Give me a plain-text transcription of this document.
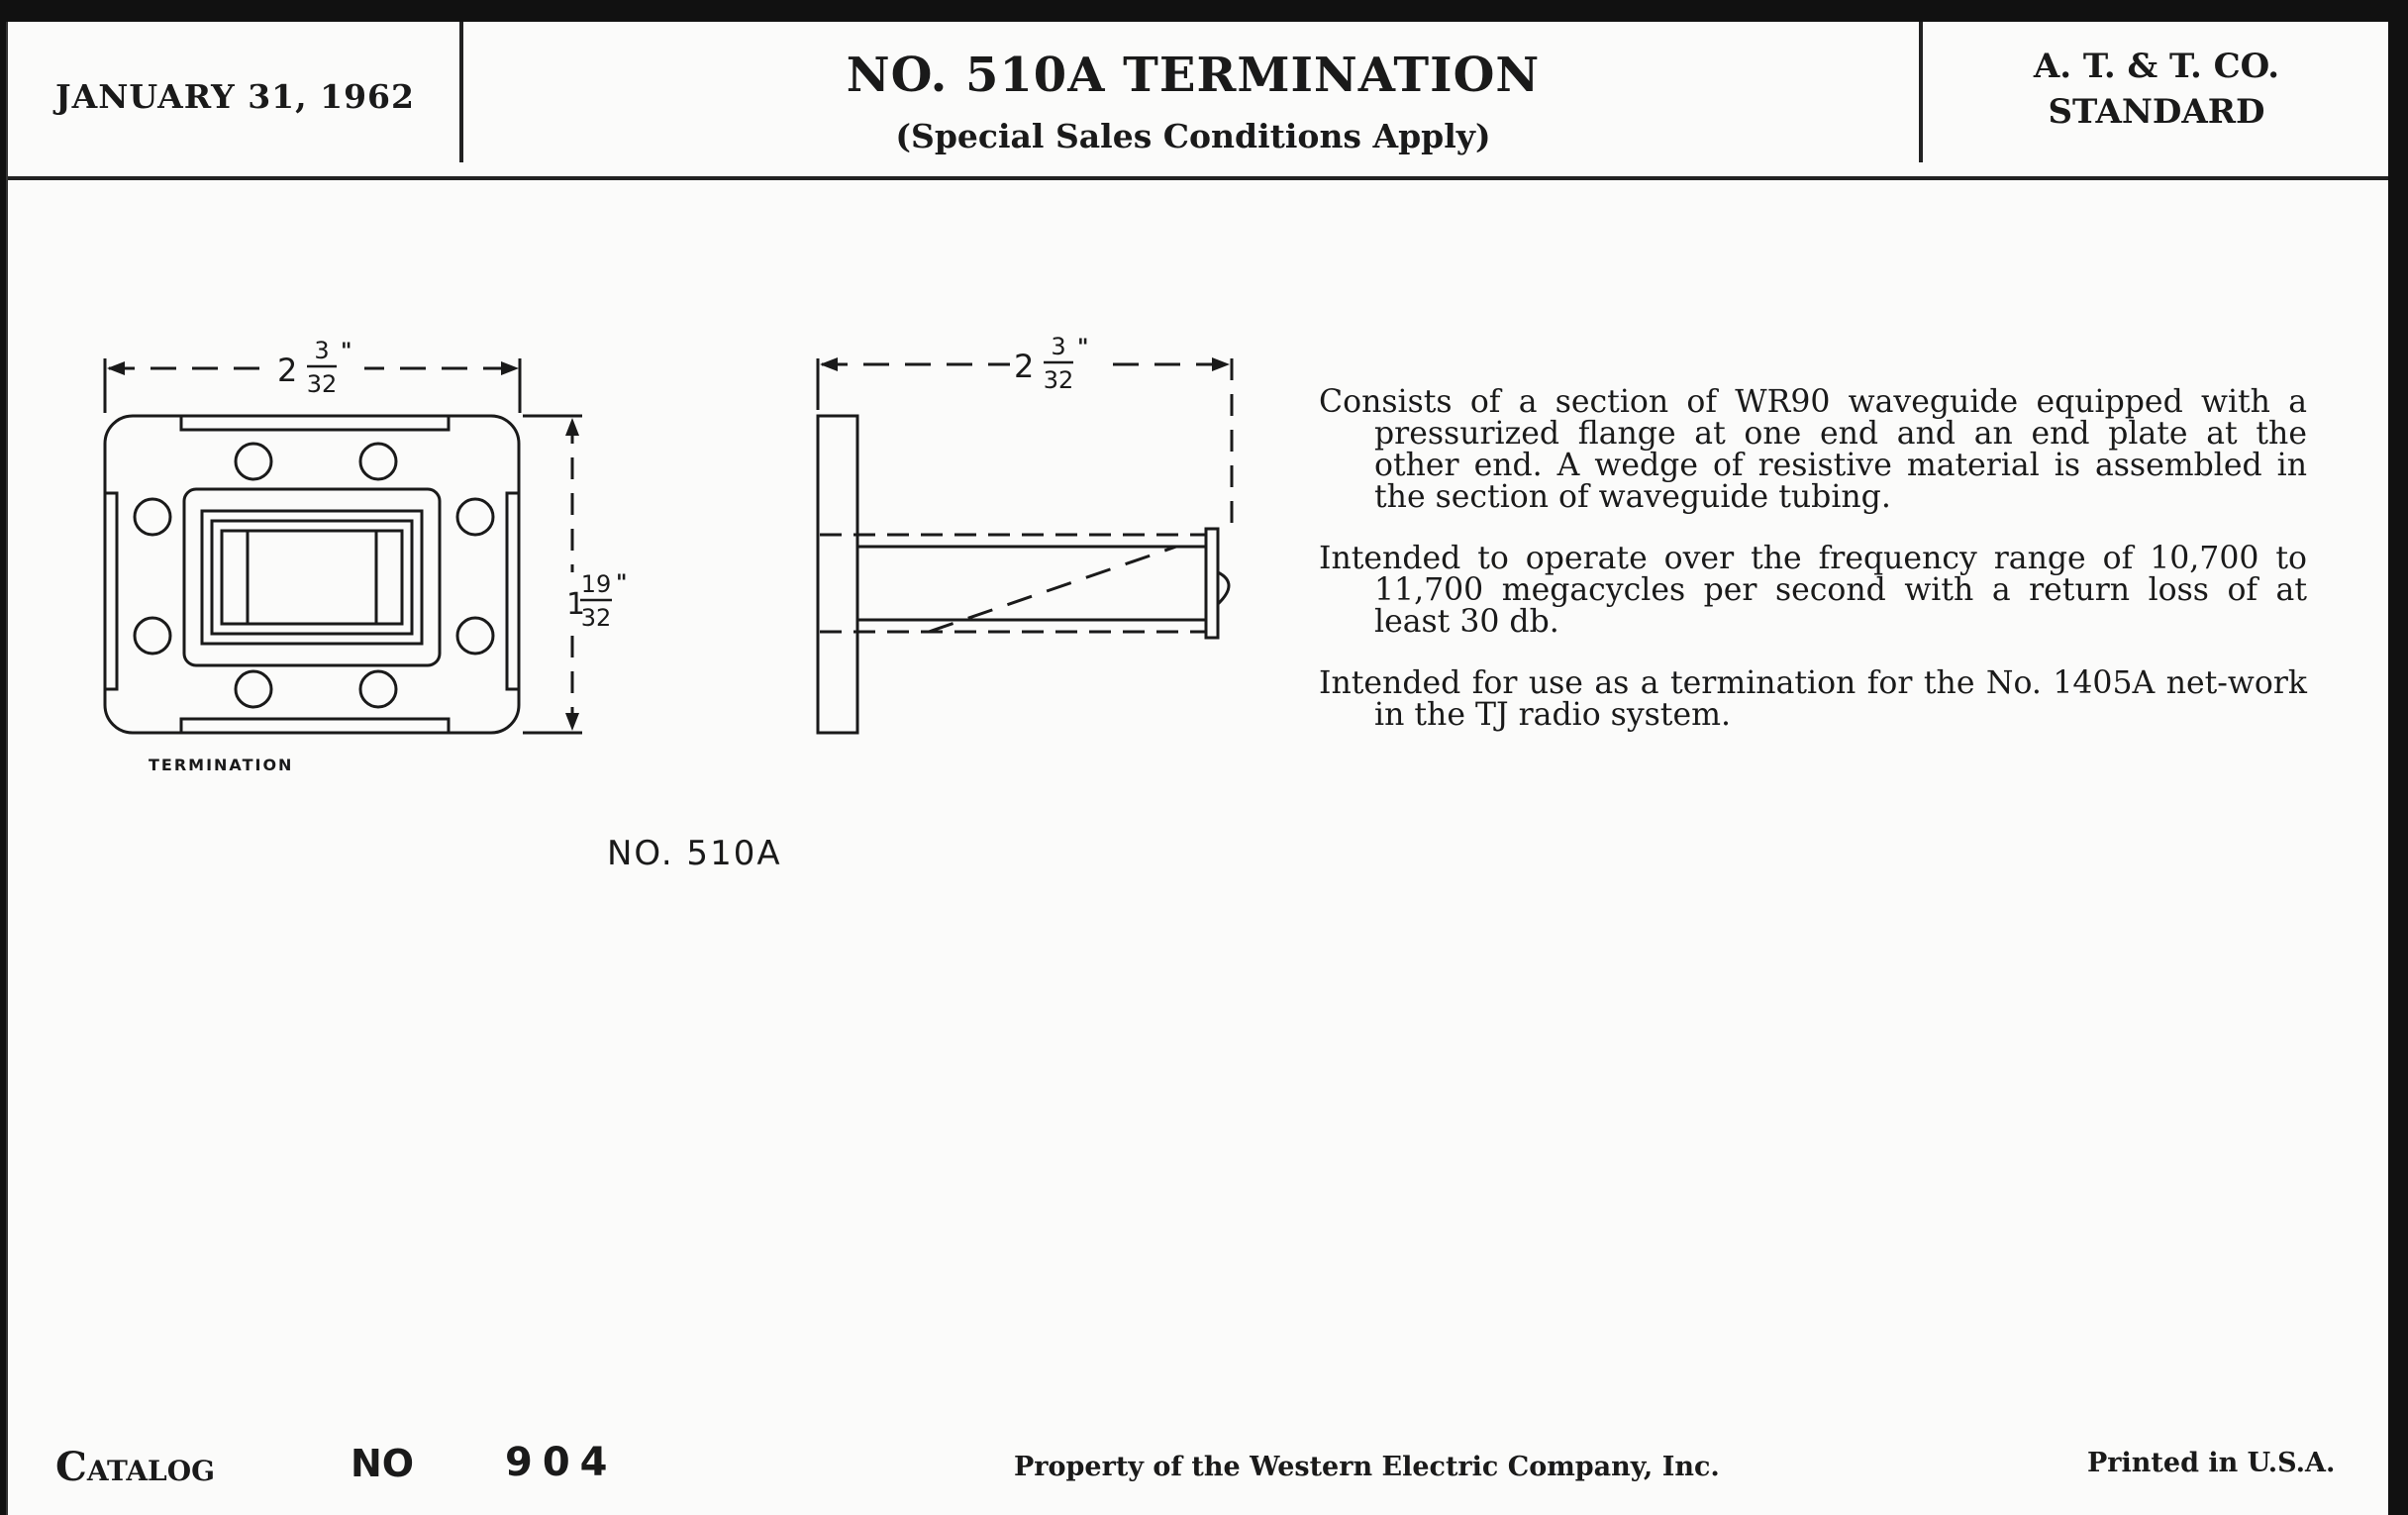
JANUARY 31, 1962	NO. 510A TERMINATION
(Special Sales Conditions Apply)
A. T. & T. CO.
STANDARD
2
3
32
"
1
19
32
"
2
3
32
"
TERMINATION
NO. 510A

Consists of a section of WR90 waveguide equipped with a pressurized flange at one end and an end plate at the other end. A wedge of resistive material is assembled in the section of waveguide tubing.

Intended to operate over the frequency range of 10,700 to 11,700 megacycles per second with a return loss of at least 30 db.

Intended for use as a termination for the No. 1405A net-work in the TJ radio system.

Catalog	NO 904	Property of the Western Electric Company, Inc.	Printed in U.S.A.
